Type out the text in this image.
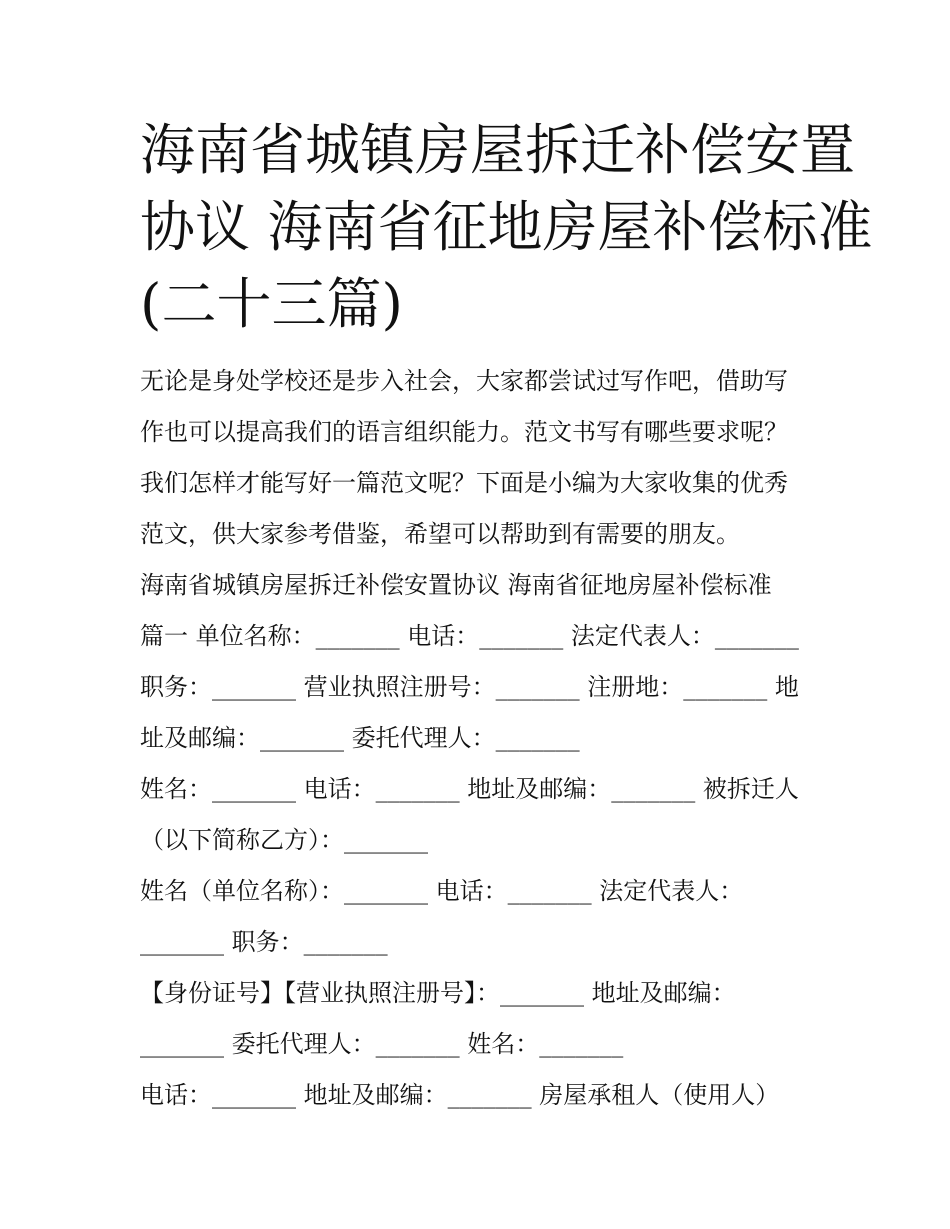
海南省城镇房屋拆迁补偿安置
协议 海南省征地房屋补偿标准
(二十三篇)
无论是身处学校还是步入社会，大家都尝试过写作吧，借助写
作也可以提高我们的语言组织能力。范文书写有哪些要求呢？
我们怎样才能写好一篇范文呢？下面是小编为大家收集的优秀
范文，供大家参考借鉴，希望可以帮助到有需要的朋友。
海南省城镇房屋拆迁补偿安置协议 海南省征地房屋补偿标准
篇一 单位名称：_______ 电话：_______ 法定代表人：_______
职务：_______ 营业执照注册号：_______ 注册地：_______ 地
址及邮编：_______ 委托代理人：_______
姓名：_______ 电话：_______ 地址及邮编：_______ 被拆迁人
（以下简称乙方）：_______
姓名（单位名称）：_______ 电话：_______ 法定代表人：
_______ 职务：_______
【身份证号】【营业执照注册号】：_______ 地址及邮编：
_______ 委托代理人：_______ 姓名：_______
电话：_______ 地址及邮编：_______ 房屋承租人（使用人）
